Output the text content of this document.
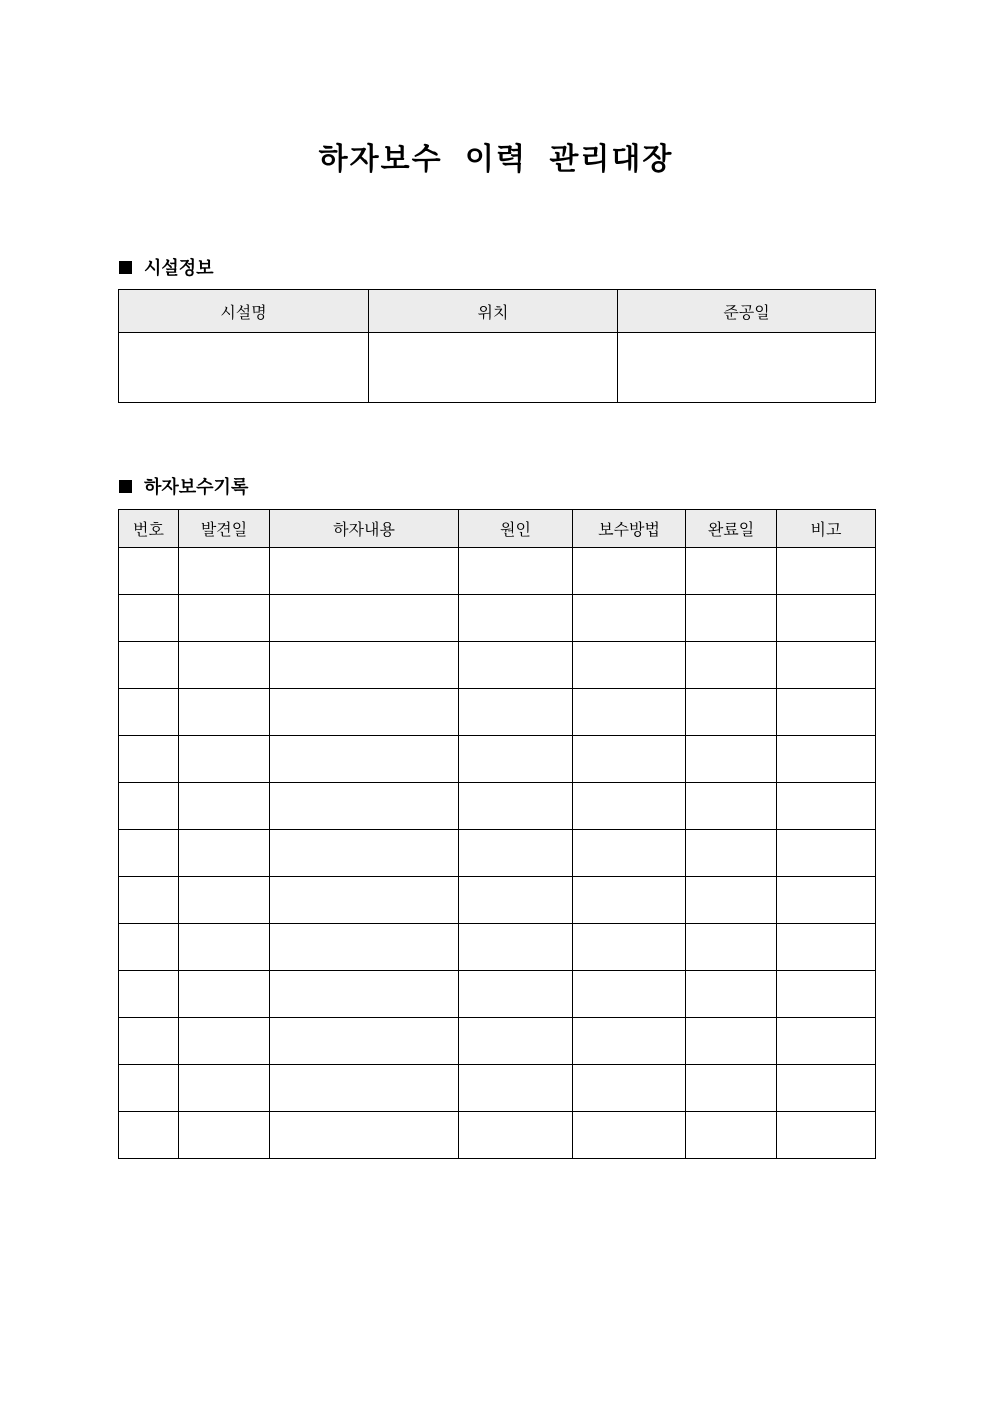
하자보수 이력 관리대장
시설정보
시설명	위치	준공일

하자보수기록
번호	발견일	하자내용	원인	보수방법	완료일	비고
